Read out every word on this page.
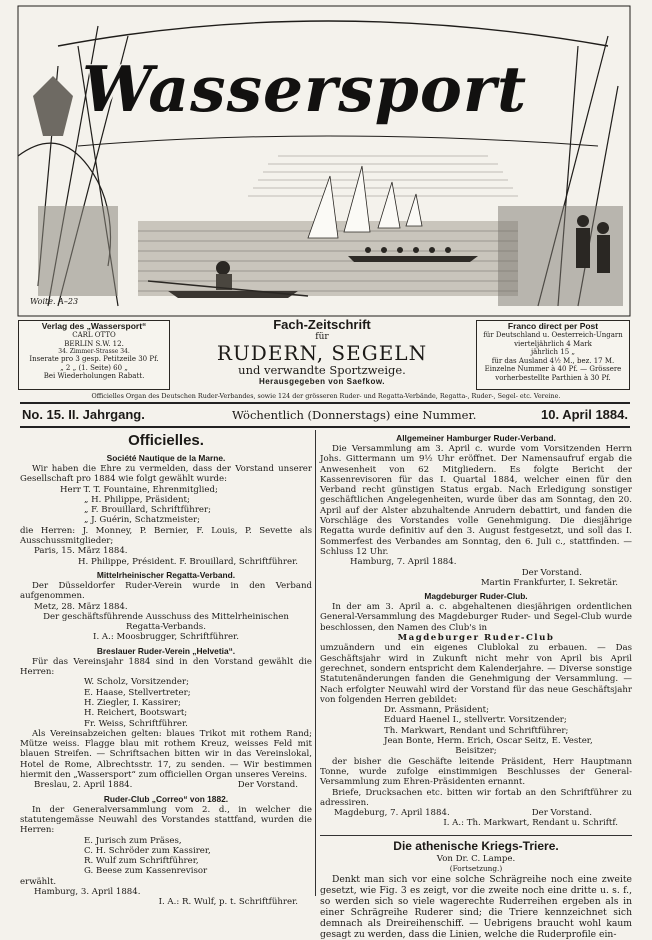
Wassersport
Woite. A–23
Verlag des „Wassersport“
CARL OTTO
BERLIN S.W. 12.
34. Zimmer-Strasse 34.
Inserate pro 3 gesp. Petitzeile 30 Pf.
„ 2 „ (1. Seite) 60 „
Bei Wiederholungen Rabatt.
Fach-Zeitschrift
für
RUDERN, SEGELN
und verwandte Sportzweige.
Herausgegeben von Saefkow.
Franco direct per Post
für Deutschland u. Oesterreich-Ungarn
vierteljährlich 4 Mark
jährlich 15 „
für das Ausland 4½ M., bez. 17 M.
Einzelne Nummer à 40 Pf. — Grössere
vorherbestellte Parthien à 30 Pf.
Officielles Organ des Deutschen Ruder-Verbandes, sowie 124 der grösseren Ruder- und Regatta-Verbände, Regatta-, Ruder-, Segel- etc. Vereine.
No. 15. II. Jahrgang.	Wöchentlich (Donnerstags) eine Nummer.	10. April 1884.
Officielles.
Société Nautique de la Marne.

Wir haben die Ehre zu vermelden, dass der Vorstand unserer Gesellschaft pro 1884 wie folgt gewählt wurde:

Herr T. T. Fountaine, Ehrenmitglied;

„ H. Philippe, Präsident;

„ F. Brouillard, Schriftführer;

„ J. Guérin, Schatzmeister;

die Herren: J. Monney, P. Bernier, F. Louis, P. Sevette als Ausschussmitglieder;

Paris, 15. März 1884.

H. Philippe, Président. F. Brouillard, Schriftführer.

Mittelrheinischer Regatta-Verband.

Der Düsseldorfer Ruder-Verein wurde in den Verband aufgenommen.

Metz, 28. März 1884.

Der geschäftsführende Ausschuss des Mittelrheinischen

Regatta-Verbands.

I. A.: Moosbrugger, Schriftführer.

Breslauer Ruder-Verein „Helvetia“.

Für das Vereinsjahr 1884 sind in den Vorstand gewählt die Herren:

W. Scholz, Vorsitzender;

E. Haase, Stellvertreter;

H. Ziegler, I. Kassirer;

H. Reichert, Bootswart;

Fr. Weiss, Schriftführer.

Als Vereinsabzeichen gelten: blaues Trikot mit rothem Rand; Mütze weiss. Flagge blau mit rothem Kreuz, weisses Feld mit blauen Streifen. — Schriftsachen bitten wir in das Vereinslokal, Hotel de Rome, Albrechtsstr. 17, zu senden. — Wir bestimmen hiermit den „Wassersport“ zum officiellen Organ unseres Vereins.

Breslau, 2. April 1884.	Der Vorstand.

Ruder-Club „Correo“ von 1882.

In der Generalversammlung vom 2. d., in welcher die statutengemässe Neuwahl des Vorstandes stattfand, wurden die Herren:

E. Jurisch zum Präses,

C. H. Schröder zum Kassirer,

R. Wulf zum Schriftführer,

G. Beese zum Kassenrevisor

erwählt.

Hamburg, 3. April 1884.

I. A.: R. Wulf, p. t. Schriftführer.

Allgemeiner Hamburger Ruder-Verband.

Die Versammlung am 3. April c. wurde vom Vorsitzenden Herrn Johs. Gittermann um 9½ Uhr eröffnet. Der Namensaufruf ergab die Anwesenheit von 62 Mitgliedern. Es folgte Bericht der Kassenrevisoren für das I. Quartal 1884, welcher einen für den Verband recht günstigen Status ergab. Nach Erledigung sonstiger geschäftlichen Angelegenheiten, wurde über das am Sonntag, den 20. April auf der Alster abzuhaltende Anrudern debattirt, und fanden die Vorschläge des Vorstandes volle Genehmigung. Die diesjährige Regatta wurde definitiv auf den 3. August festgesetzt, und soll das I. Sommerfest des Verbandes am Sonntag, den 6. Juli c., stattfinden. — Schluss 12 Uhr.

Hamburg, 7. April 1884.

Der Vorstand.

Martin Frankfurter, I. Sekretär.

Magdeburger Ruder-Club.

In der am 3. April a. c. abgehaltenen diesjährigen ordentlichen General-Versammlung des Magdeburger Ruder- und Segel-Club wurde beschlossen, den Namen des Club's in

Magdeburger Ruder-Club

umzuändern und ein eigenes Clublokal zu erbauen. — Das Geschäftsjahr wird in Zukunft nicht mehr von April bis April gerechnet, sondern entspricht dem Kalenderjahre. — Diverse sonstige Statutenänderungen fanden die Genehmigung der Versammlung. — Nach erfolgter Neuwahl wird der Vorstand für das neue Geschäftsjahr von folgenden Herren gebildet:

Dr. Assmann, Präsident;

Eduard Haenel I., stellvertr. Vorsitzender;

Th. Markwart, Rendant und Schriftführer;

Jean Bonte, Herm. Erich, Oscar Seitz, E. Vester,

Beisitzer;

der bisher die Geschäfte leitende Präsident, Herr Hauptmann Tonne, wurde zufolge einstimmigen Beschlusses der General-Versammlung zum Ehren-Präsidenten ernannt.

Briefe, Drucksachen etc. bitten wir fortab an den Schriftführer zu adressiren.

Magdeburg, 7. April 1884.	Der Vorstand.

I. A.: Th. Markwart, Rendant u. Schriftf.

Die athenische Kriegs-Triere.

Von Dr. C. Lampe.

(Fortsetzung.)

Denkt man sich vor eine solche Schrägreihe noch eine zweite gesetzt, wie Fig. 3 es zeigt, vor die zweite noch eine dritte u. s. f., so werden sich so viele wagerechte Ruderreihen ergeben als in einer Schrägreihe Ruderer sind; die Triere kennzeichnet sich demnach als Dreireihenschiff. — Uebrigens braucht wohl kaum gesagt zu werden, dass die Linien, welche die Ruderprofile ein-
